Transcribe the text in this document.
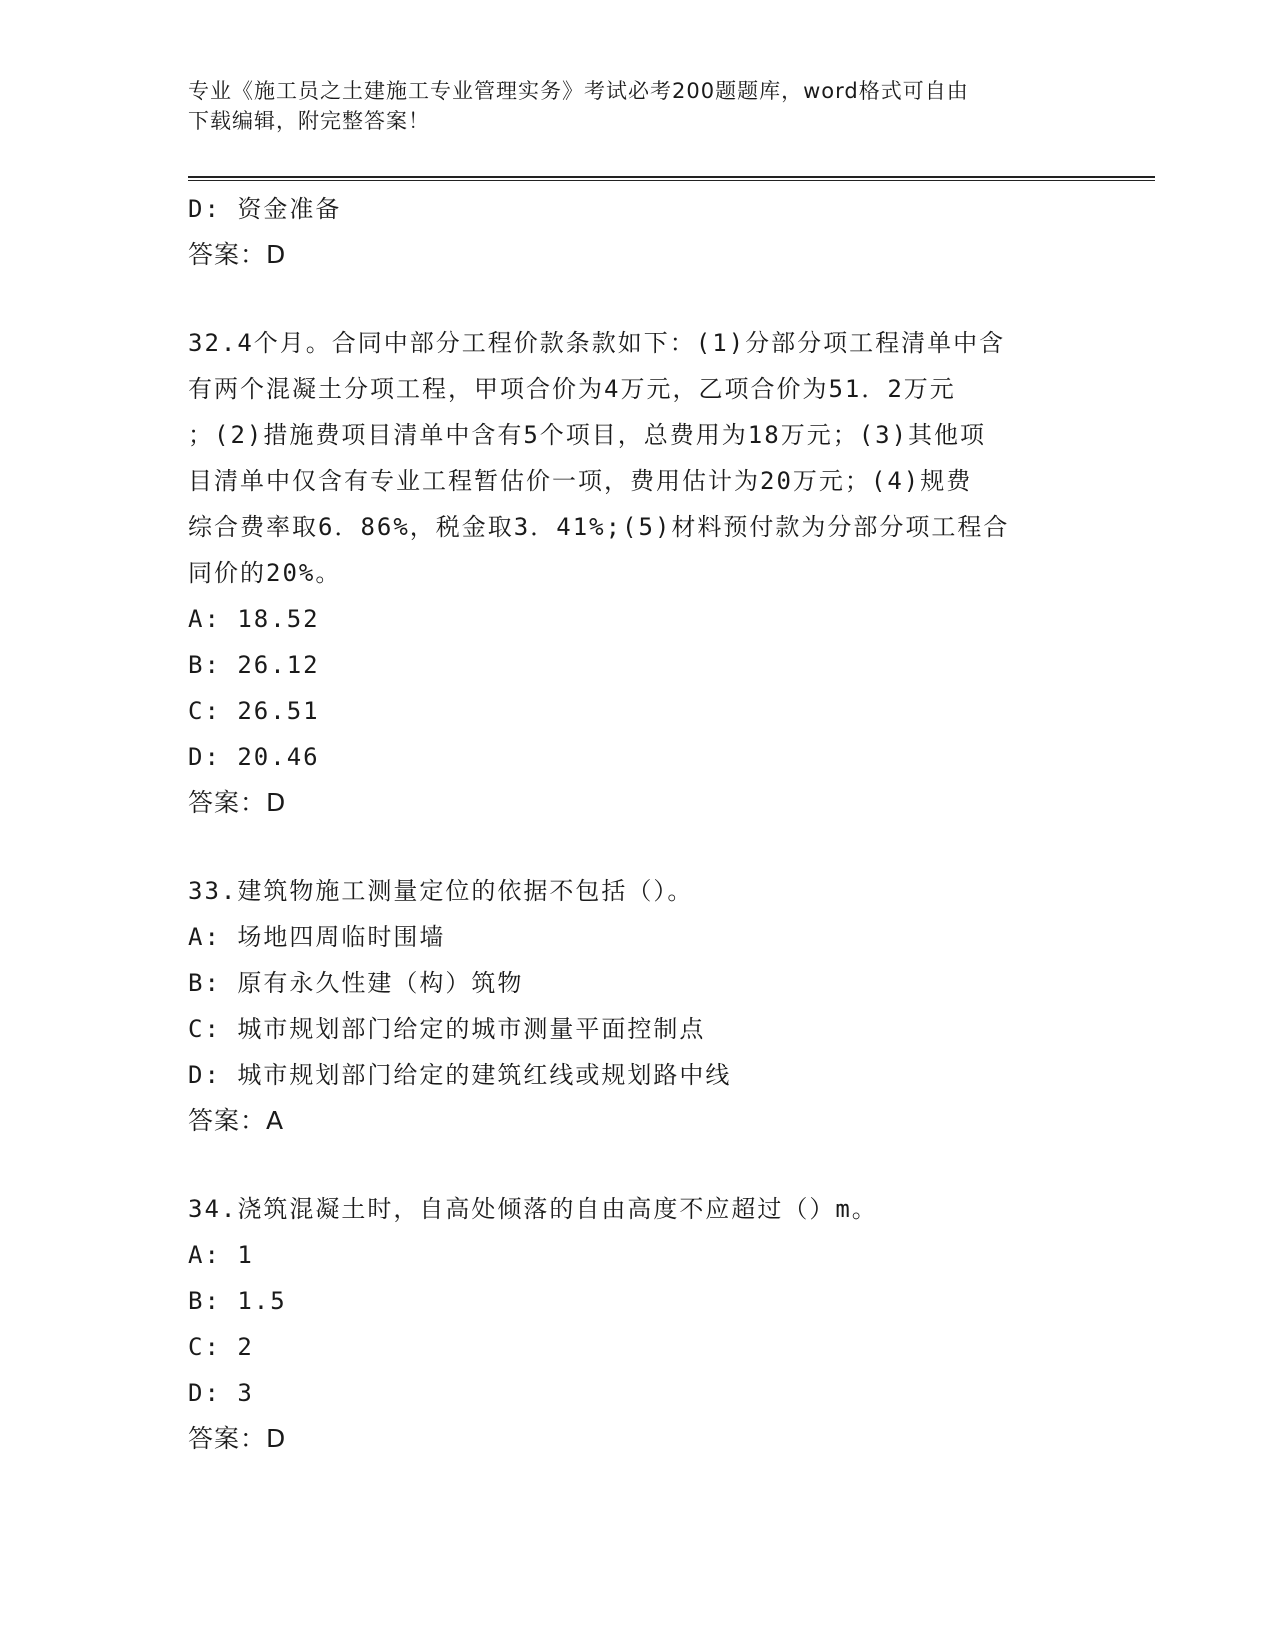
专业《施工员之土建施工专业管理实务》考试必考200题题库，word格式可自由
下载编辑，附完整答案！
D: 资金准备
答案：D
32.4个月。合同中部分工程价款条款如下：(1)分部分项工程清单中含
有两个混凝土分项工程，甲项合价为4万元，乙项合价为51．2万元
；(2)措施费项目清单中含有5个项目，总费用为18万元；(3)其他项
目清单中仅含有专业工程暂估价一项，费用估计为20万元；(4)规费
综合费率取6．86%，税金取3．41%;(5)材料预付款为分部分项工程合
同价的20%。
A: 18.52
B: 26.12
C: 26.51
D: 20.46
答案：D
33.建筑物施工测量定位的依据不包括（）。
A: 场地四周临时围墙
B: 原有永久性建（构）筑物
C: 城市规划部门给定的城市测量平面控制点
D: 城市规划部门给定的建筑红线或规划路中线
答案：A
34.浇筑混凝土时，自高处倾落的自由高度不应超过（）m。
A: 1
B: 1.5
C: 2
D: 3
答案：D
